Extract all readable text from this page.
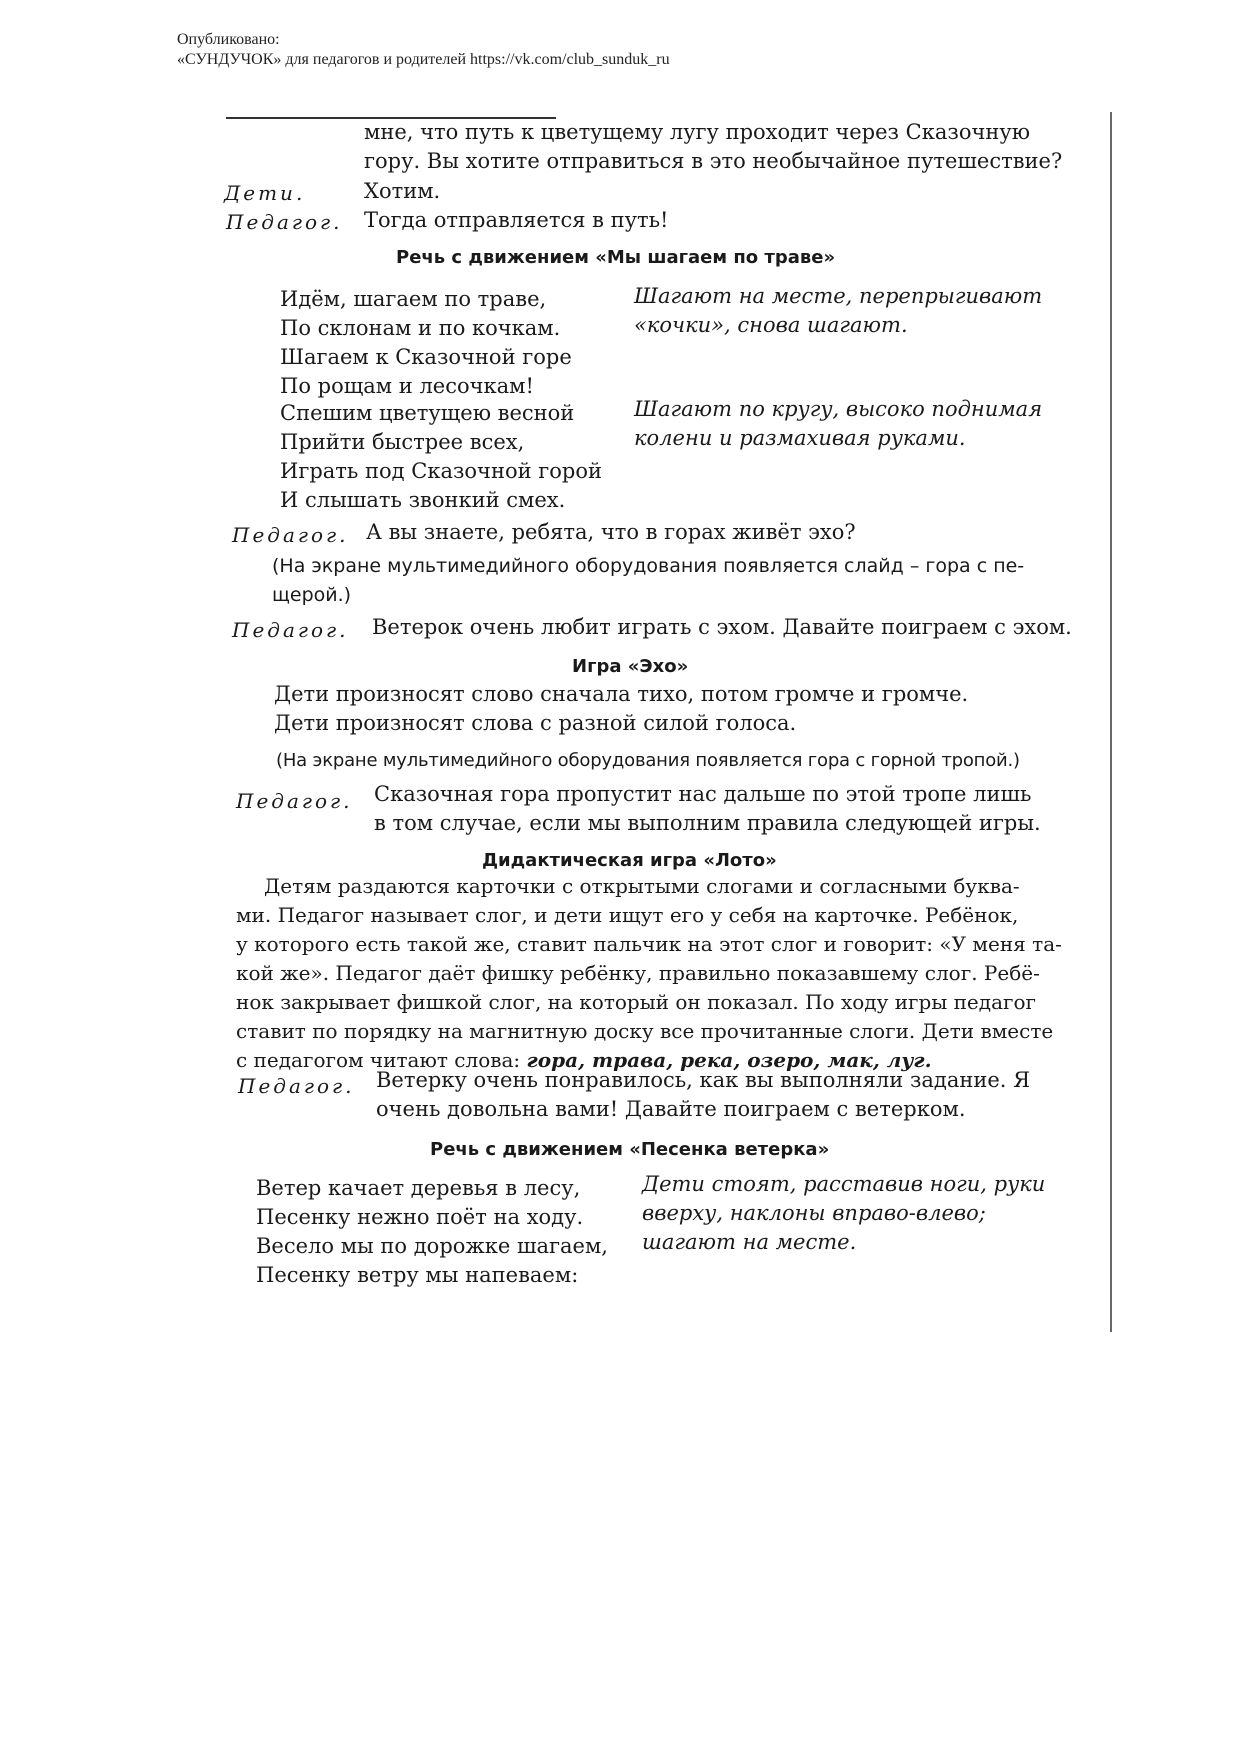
Опубликовано:
«СУНДУЧОК» для педагогов и родителей https://vk.com/club_sunduk_ru
мне, что путь к цветущему лугу проходит через Сказочную
гору. Вы хотите отправиться в это необычайное путешествие?
Дети.	Хотим.
Педагог. Тогда отправляется в путь!
Речь с движением «Мы шагаем по траве»
Идём, шагаем по траве,
По склонам и по кочкам.
Шагаем к Сказочной горе
По рощам и лесочкам!
Шагают на месте, перепрыгивают
«кочки», снова шагают.
Спешим цветущею весной
Прийти быстрее всех,
Играть под Сказочной горой
И слышать звонкий смех.
Шагают по кругу, высоко поднимая
колени и размахивая руками.
Педагог. А вы знаете, ребята, что в горах живёт эхо?
(На экране мультимедийного оборудования появляется слайд – гора с пе-
щерой.)
Педагог. Ветерок очень любит играть с эхом. Давайте поиграем с эхом.
Игра «Эхо»
Дети произносят слово сначала тихо, потом громче и громче.
Дети произносят слова с разной силой голоса.
(На экране мультимедийного оборудования появляется гора с горной тропой.)
Педагог. Сказочная гора пропустит нас дальше по этой тропе лишь
в том случае, если мы выполним правила следующей игры.
Дидактическая игра «Лото»
Детям раздаются карточки с открытыми слогами и согласными буква-
ми. Педагог называет слог, и дети ищут его у себя на карточке. Ребёнок,
у которого есть такой же, ставит пальчик на этот слог и говорит: «У меня та-
кой же». Педагог даёт фишку ребёнку, правильно показавшему слог. Ребё-
нок закрывает фишкой слог, на который он показал. По ходу игры педагог
ставит по порядку на магнитную доску все прочитанные слоги. Дети вместе
с педагогом читают слова: гора, трава, река, озеро, мак, луг.
Педагог. Ветерку очень понравилось, как вы выполняли задание. Я
очень довольна вами! Давайте поиграем с ветерком.
Речь с движением «Песенка ветерка»
Ветер качает деревья в лесу,
Песенку нежно поёт на ходу.
Весело мы по дорожке шагаем,
Песенку ветру мы напеваем:
Дети стоят, расставив ноги, руки
вверху, наклоны вправо-влево;
шагают на месте.
